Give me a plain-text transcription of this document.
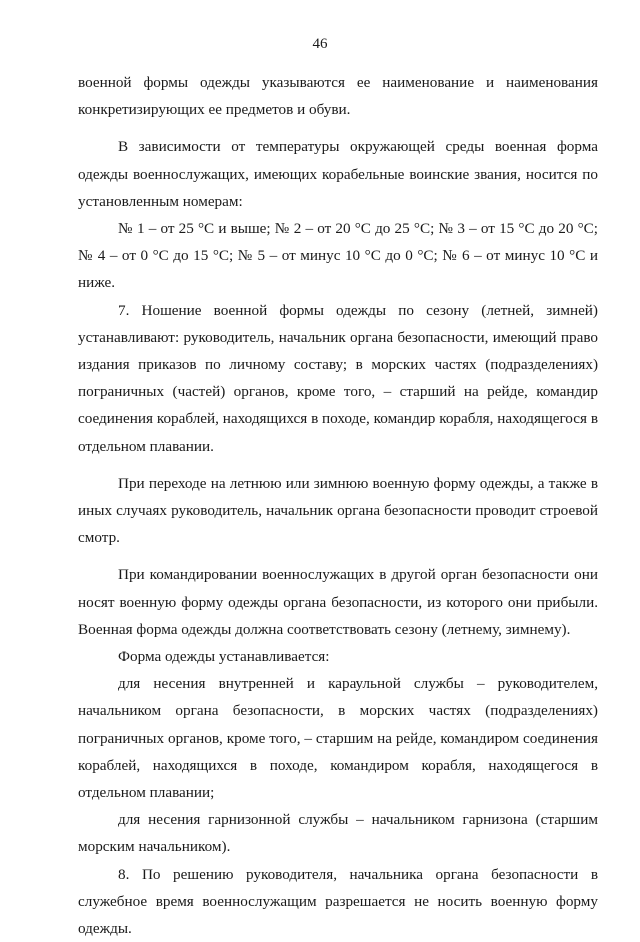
46

военной формы одежды указываются ее наименование и наименования конкретизирующих ее предметов и обуви.

В зависимости от температуры окружающей среды военная форма одежды военнослужащих, имеющих корабельные воинские звания, носится по установленным номерам:

№ 1 – от 25 °С и выше; № 2 – от 20 °С до 25 °С; № 3 – от 15 °С до 20 °С; № 4 – от 0 °С до 15 °С; № 5 – от минус 10 °С до 0 °С; № 6 – от минус 10 °С и ниже.

7. Ношение военной формы одежды по сезону (летней, зимней) устанавливают: руководитель, начальник органа безопасности, имеющий право издания приказов по личному составу; в морских частях (подразделениях) пограничных (частей) органов, кроме того, – старший на рейде, командир соединения кораблей, находящихся в походе, командир корабля, находящегося в отдельном плавании.

При переходе на летнюю или зимнюю военную форму одежды, а также в иных случаях руководитель, начальник органа безопасности проводит строевой смотр.

При командировании военнослужащих в другой орган безопасности они носят военную форму одежды органа безопасности, из которого они прибыли. Военная форма одежды должна соответствовать сезону (летнему, зимнему).

Форма одежды устанавливается:

для несения внутренней и караульной службы – руководителем, начальником органа безопасности, в морских частях (подразделениях) пограничных органов, кроме того, – старшим на рейде, командиром соединения кораблей, находящихся в походе, командиром корабля, находящегося в отдельном плавании;

для несения гарнизонной службы – начальником гарнизона (старшим морским начальником).

8. По решению руководителя, начальника органа безопасности в служебное время военнослужащим разрешается не носить военную форму одежды.
